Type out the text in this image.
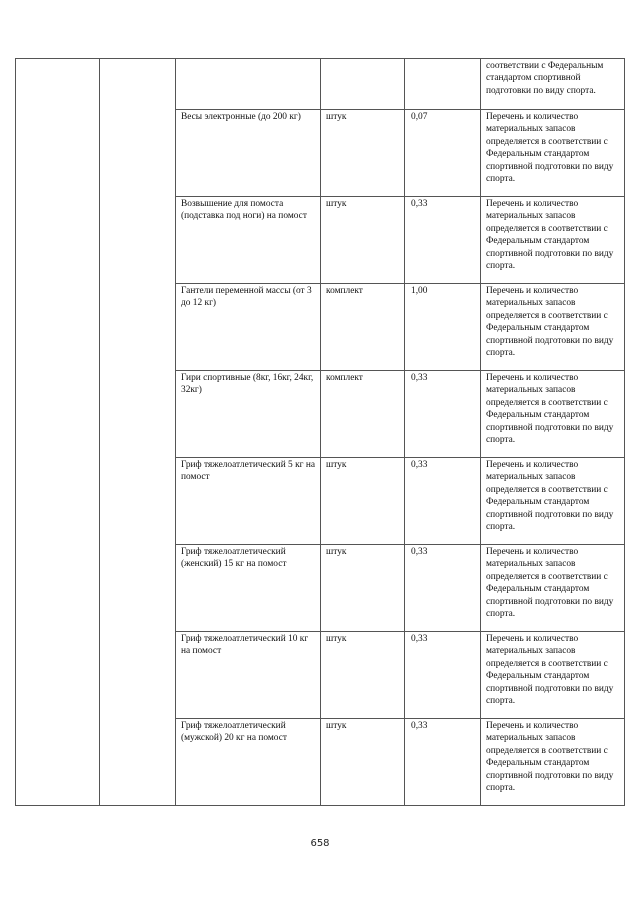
					соответствии с Федеральным стандартом спортивной подготовки по виду спорта.
		Весы электронные (до 200 кг)	штук	0,07	Перечень и количество материальных запасов определяется в соответствии с Федеральным стандартом спортивной подготовки по виду спорта.
		Возвышение для помоста (подставка под ноги) на помост	штук	0,33	Перечень и количество материальных запасов определяется в соответствии с Федеральным стандартом спортивной подготовки по виду спорта.
		Гантели переменной массы (от 3 до 12 кг)	комплект	1,00	Перечень и количество материальных запасов определяется в соответствии с Федеральным стандартом спортивной подготовки по виду спорта.
		Гири спортивные (8кг, 16кг, 24кг, 32кг)	комплект	0,33	Перечень и количество материальных запасов определяется в соответствии с Федеральным стандартом спортивной подготовки по виду спорта.
		Гриф тяжелоатлетический 5 кг на помост	штук	0,33	Перечень и количество материальных запасов определяется в соответствии с Федеральным стандартом спортивной подготовки по виду спорта.
		Гриф тяжелоатлетический (женский) 15 кг на помост	штук	0,33	Перечень и количество материальных запасов определяется в соответствии с Федеральным стандартом спортивной подготовки по виду спорта.
		Гриф тяжелоатлетический 10 кг на помост	штук	0,33	Перечень и количество материальных запасов определяется в соответствии с Федеральным стандартом спортивной подготовки по виду спорта.
		Гриф тяжелоатлетический (мужской) 20 кг на помост	штук	0,33	Перечень и количество материальных запасов определяется в соответствии с Федеральным стандартом спортивной подготовки по виду спорта.
658
